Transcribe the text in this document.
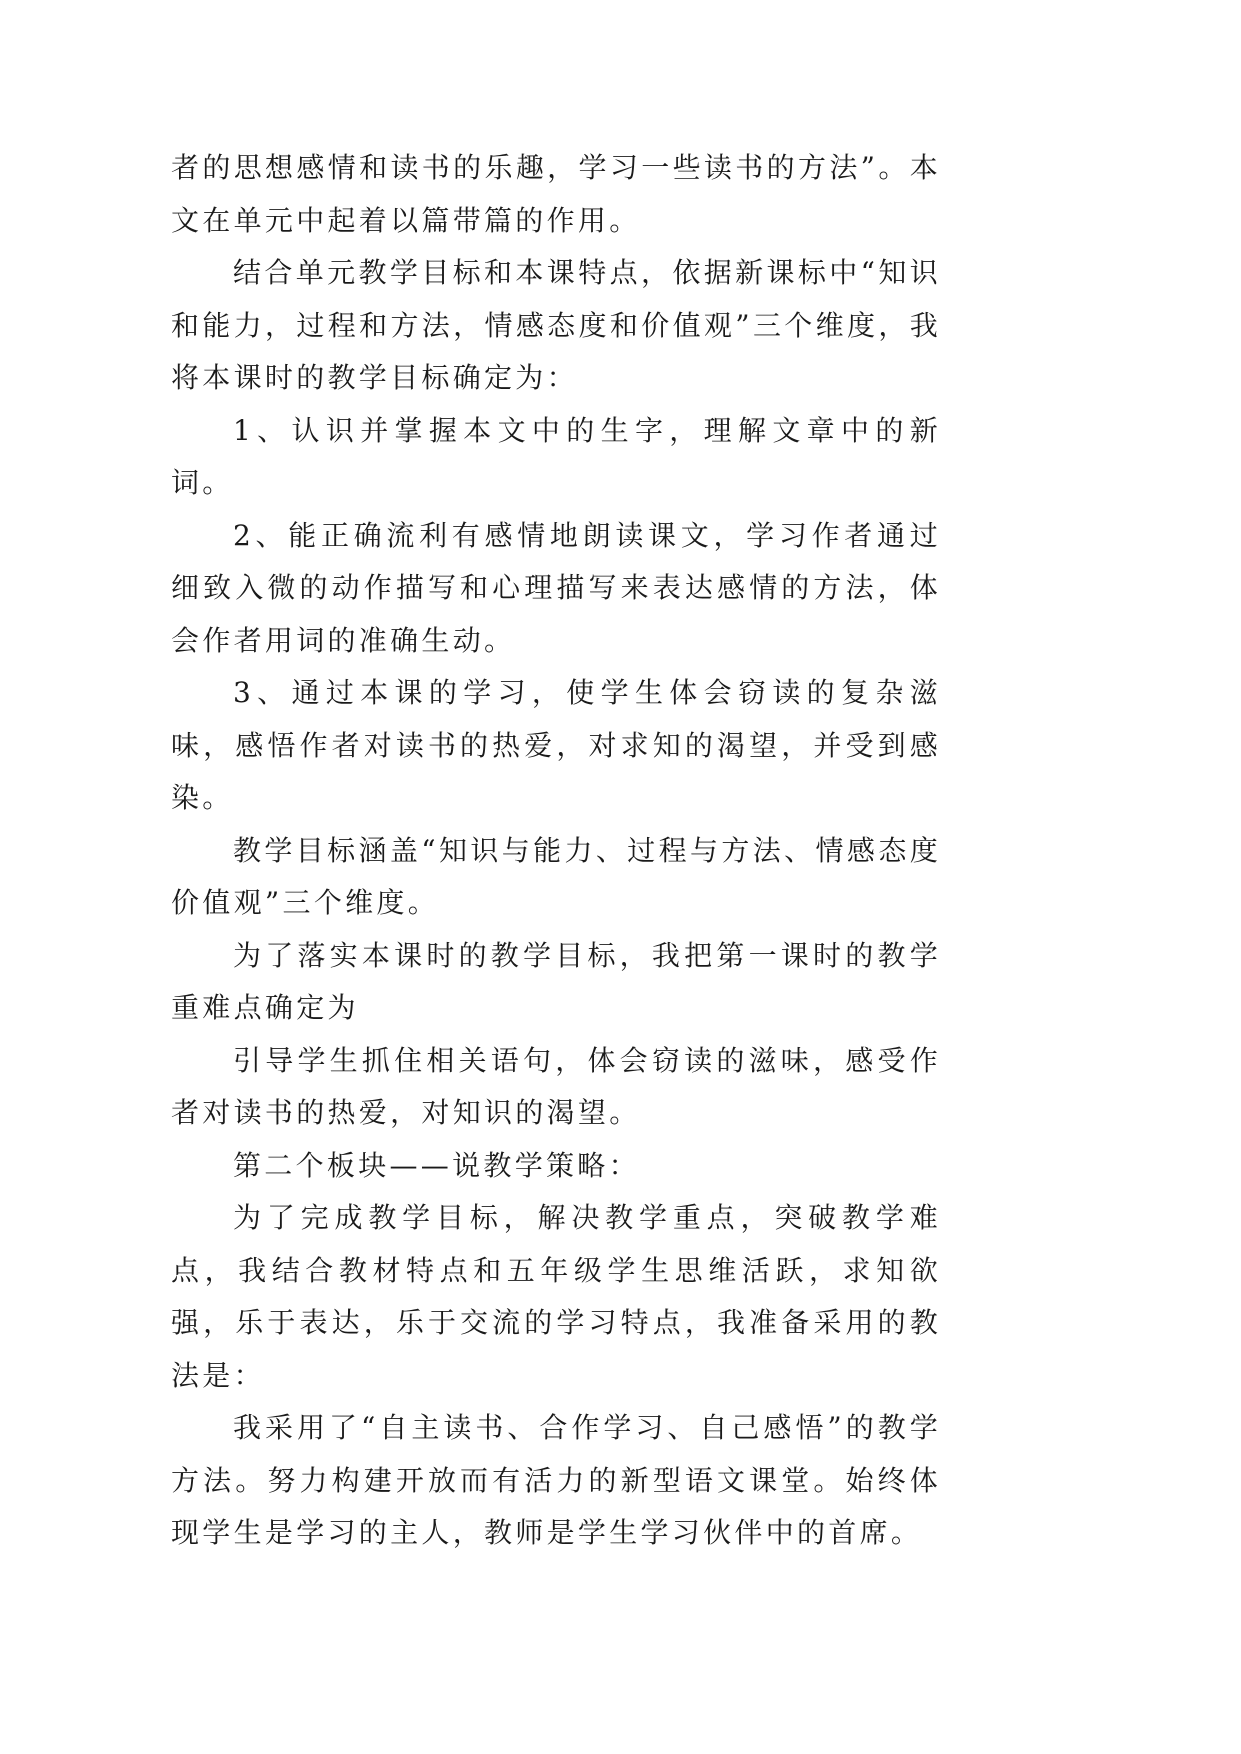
者的思想感情和读书的乐趣，学习一些读书的方法”。本文在单元中起着以篇带篇的作用。

结合单元教学目标和本课特点，依据新课标中“知识和能力，过程和方法，情感态度和价值观”三个维度，我将本课时的教学目标确定为：

1、认识并掌握本文中的生字，理解文章中的新词。

2、能正确流利有感情地朗读课文，学习作者通过细致入微的动作描写和心理描写来表达感情的方法，体会作者用词的准确生动。

3、通过本课的学习，使学生体会窃读的复杂滋味，感悟作者对读书的热爱，对求知的渴望，并受到感染。

教学目标涵盖“知识与能力、过程与方法、情感态度价值观”三个维度。

为了落实本课时的教学目标，我把第一课时的教学重难点确定为

引导学生抓住相关语句，体会窃读的滋味，感受作者对读书的热爱，对知识的渴望。

第二个板块——说教学策略：

为了完成教学目标，解决教学重点，突破教学难点，我结合教材特点和五年级学生思维活跃，求知欲强，乐于表达，乐于交流的学习特点，我准备采用的教法是：

我采用了“自主读书、合作学习、自己感悟”的教学方法。努力构建开放而有活力的新型语文课堂。始终体现学生是学习的主人，教师是学生学习伙伴中的首席。
